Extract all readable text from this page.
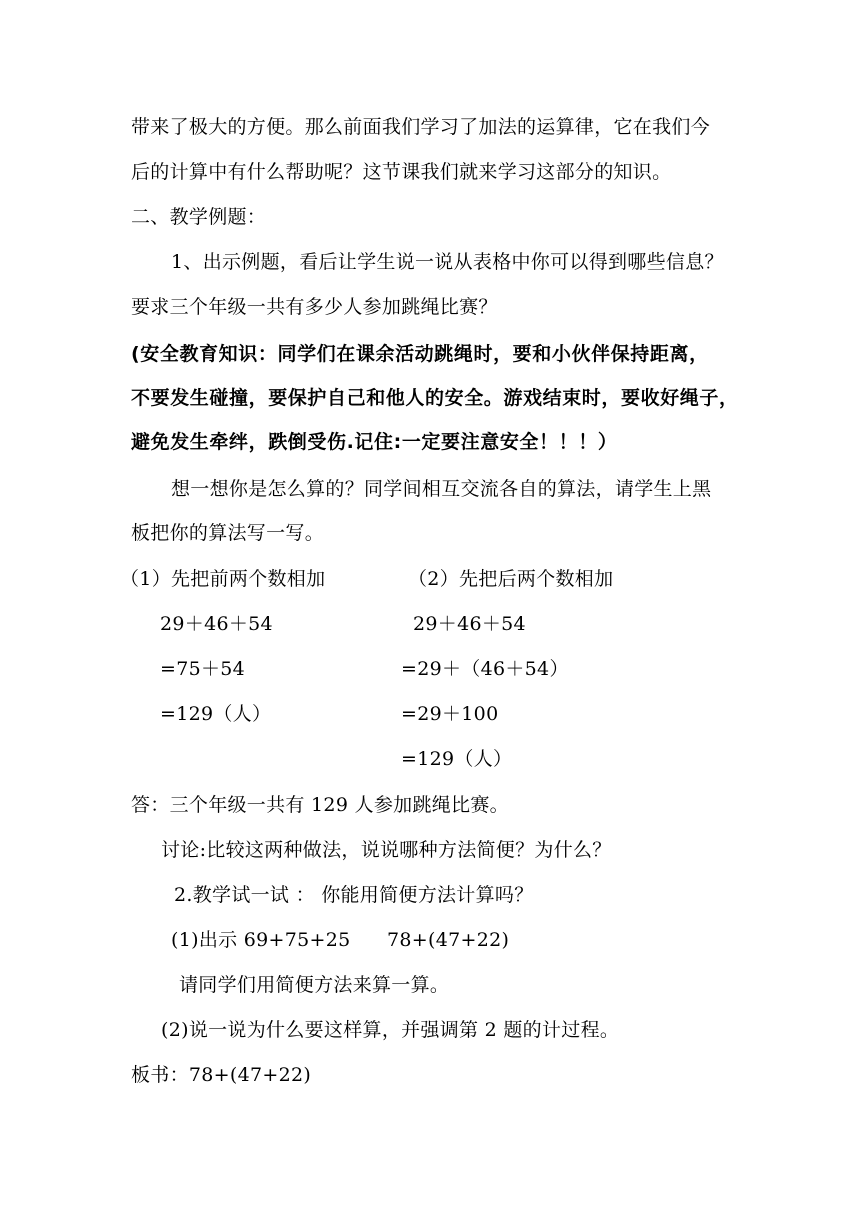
带来了极大的方便。那么前面我们学习了加法的运算律，它在我们今
后的计算中有什么帮助呢？这节课我们就来学习这部分的知识。
二、教学例题：
1、出示例题，看后让学生说一说从表格中你可以得到哪些信息？
要求三个年级一共有多少人参加跳绳比赛？
(安全教育知识：同学们在课余活动跳绳时，要和小伙伴保持距离，
不要发生碰撞，要保护自己和他人的安全。游戏结束时，要收好绳子，
避免发生牵绊，跌倒受伤.记住:一定要注意安全！！！）
想一想你是怎么算的？同学间相互交流各自的算法，请学生上黑
板把你的算法写一写。
（1）先把前两个数相加	（2）先把后两个数相加
29＋46＋54	29＋46＋54
=75＋54	=29＋（46＋54）
=129（人）	=29＋100
=129（人）
答：三个年级一共有 129 人参加跳绳比赛。
讨论:比较这两种做法，说说哪种方法简便？为什么？
2.教学试一试 ： 你能用简便方法计算吗？
(1)出示 69+75+25 78+(47+22)
请同学们用简便方法来算一算。
(2)说一说为什么要这样算，并强调第 2 题的计过程。
板书：78+(47+22)
